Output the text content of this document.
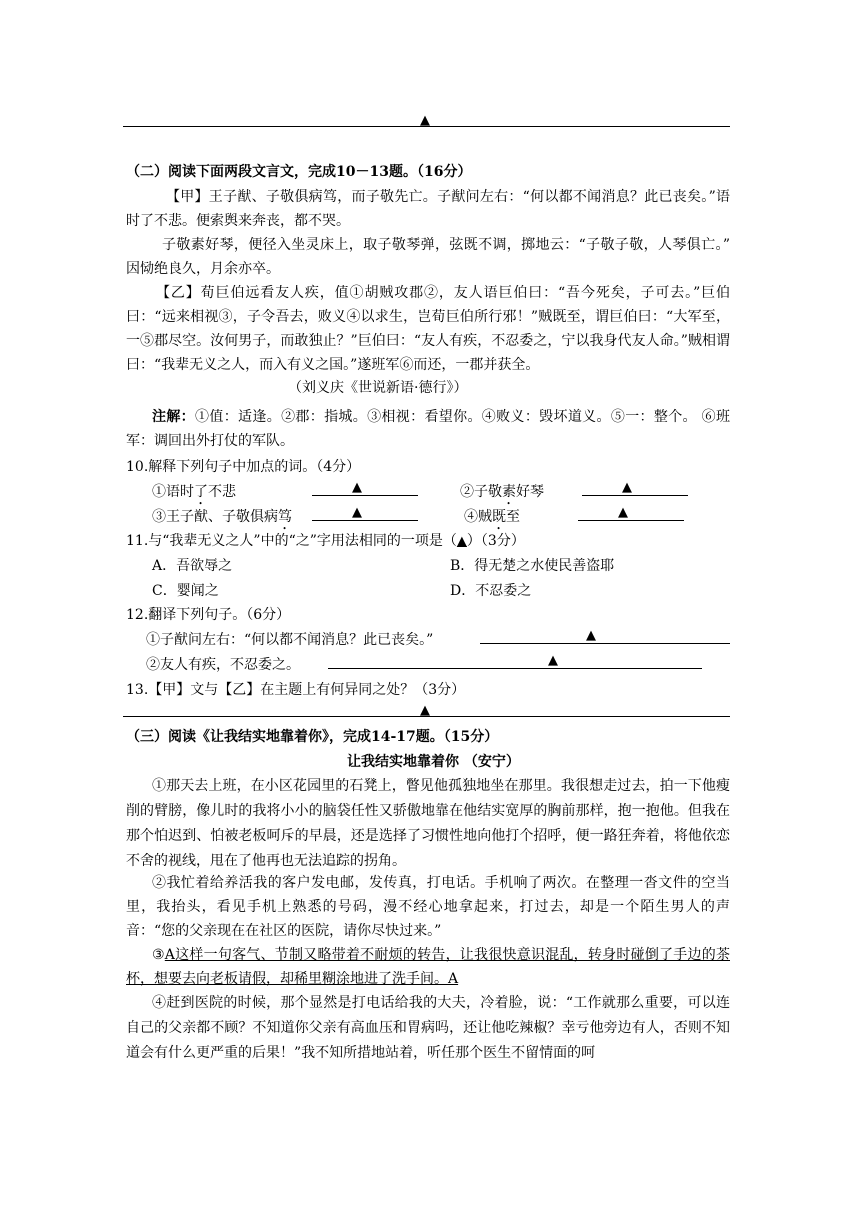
▲
（二）阅读下面两段文言文，完成10－13题。（16分）
【甲】王子猷、子敬俱病笃，而子敬先亡。子猷问左右：“何以都不闻消息？此已丧矣。”语时了不悲。便索舆来奔丧，都不哭。
子敬素好琴，便径入坐灵床上，取子敬琴弹，弦既不调，掷地云：“子敬子敬，人琴俱亡。” 因恸绝良久，月余亦卒。
【乙】荀巨伯远看友人疾，值①胡贼攻郡②，友人语巨伯曰：“吾今死矣，子可去。”巨伯曰：“远来相视③，子令吾去，败义④以求生，岂荀巨伯所行邪！”贼既至，谓巨伯曰：“大军至，一⑤郡尽空。汝何男子，而敢独止？”巨伯曰：“友人有疾，不忍委之，宁以我身代友人命。”贼相谓曰：“我辈无义之人，而入有义之国。”遂班军⑥而还，一郡并获全。
（刘义庆《世说新语·德行》）
注解：①值：适逢。②郡：指城。③相视：看望你。④败义：毁坏道义。⑤一：整个。 ⑥班军：调回出外打仗的军队。
10.解释下列句子中加点的词。（4分）
①语时了不悲	▲	②子敬素好琴	▲
③王子猷、子敬俱病笃	▲	④贼既至	▲
11.与“我辈无义之人”中的“之”字用法相同的一项是（▲）（3分）
A．吾欲辱之	B．得无楚之水使民善盗耶
C．婴闻之	D．不忍委之
12.翻译下列句子。（6分）
①子猷问左右：“何以都不闻消息？此已丧矣。”	▲
②友人有疾，不忍委之。	▲
13.【甲】文与【乙】在主题上有何异同之处？（3分）
▲
（三）阅读《让我结实地靠着你》，完成14-17题。（15分）
让我结实地靠着你 （安宁）
①那天去上班，在小区花园里的石凳上，瞥见他孤独地坐在那里。我很想走过去，拍一下他瘦削的臂膀，像儿时的我将小小的脑袋任性又骄傲地靠在他结实宽厚的胸前那样，抱一抱他。但我在那个怕迟到、怕被老板呵斥的早晨，还是选择了习惯性地向他打个招呼，便一路狂奔着，将他依恋不舍的视线，甩在了他再也无法追踪的拐角。
②我忙着给养活我的客户发电邮，发传真，打电话。手机响了两次。在整理一沓文件的空当里，我抬头，看见手机上熟悉的号码，漫不经心地拿起来，打过去，却是一个陌生男人的声音：“您的父亲现在在社区的医院，请你尽快过来。”
③A这样一句客气、节制又略带着不耐烦的转告，让我很快意识混乱，转身时碰倒了手边的茶杯，想要去向老板请假，却稀里糊涂地进了洗手间。A
④赶到医院的时候，那个显然是打电话给我的大夫，冷着脸，说：“工作就那么重要，可以连自己的父亲都不顾？不知道你父亲有高血压和胃病吗，还让他吃辣椒？幸亏他旁边有人，否则不知道会有什么更严重的后果！”我不知所措地站着，听任那个医生不留情面的呵
